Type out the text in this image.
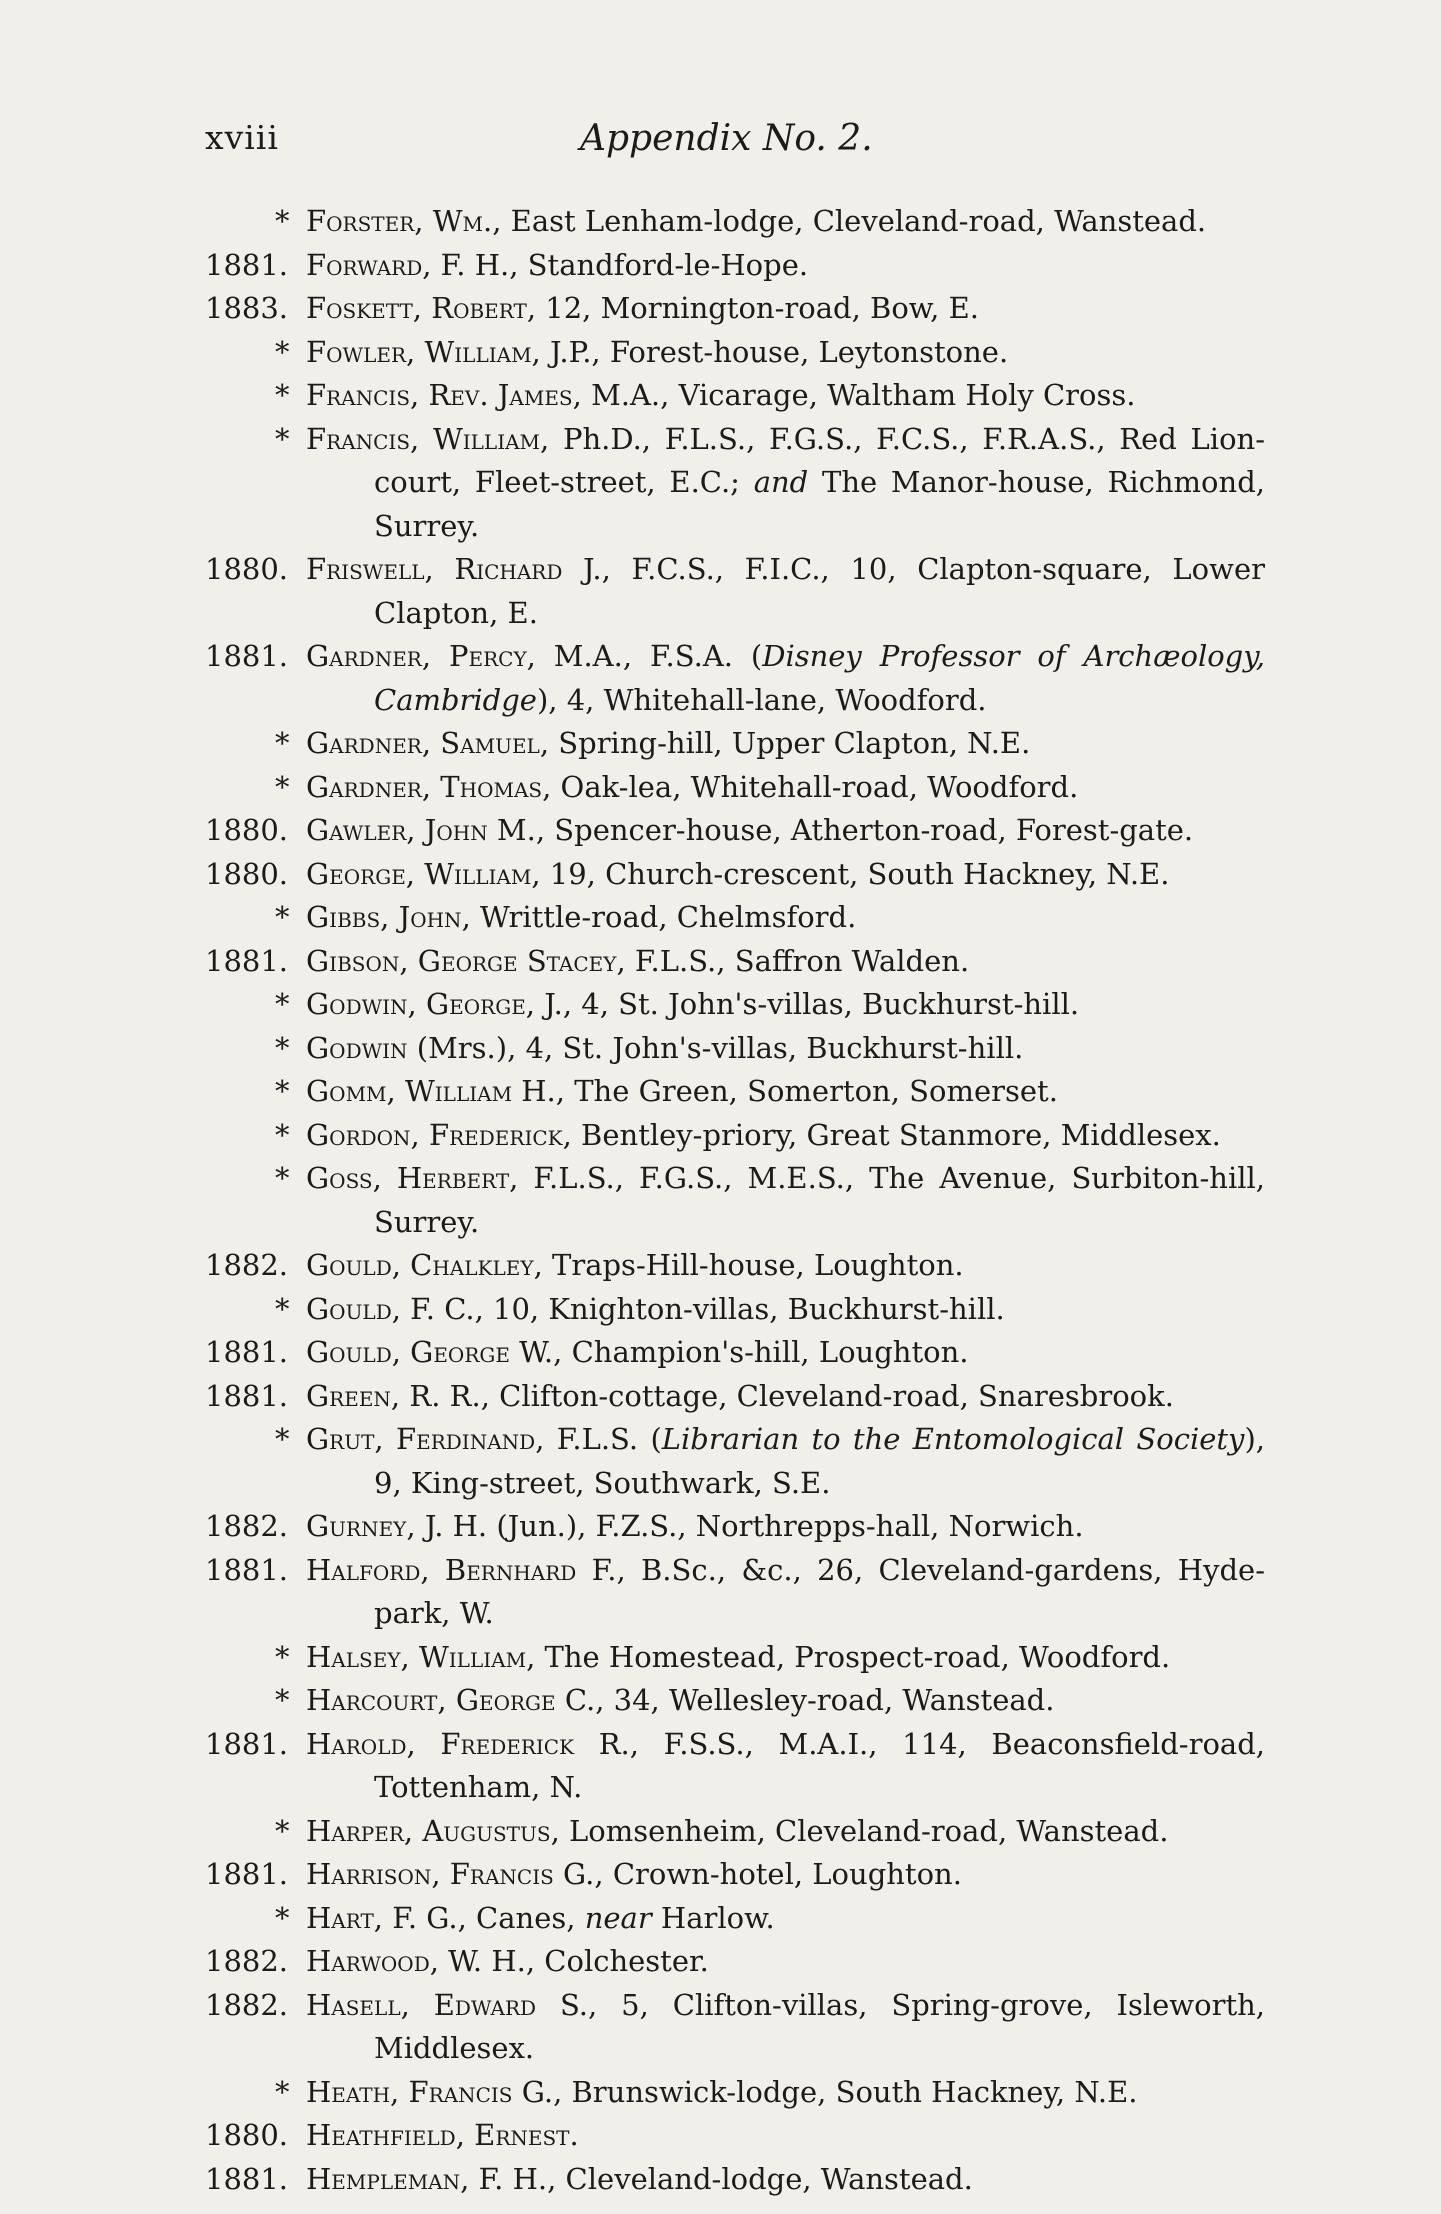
xviii	Appendix No. 2.
* Forster, Wm., East Lenham-lodge, Cleveland-road, Wanstead.
1881. Forward, F. H., Standford-le-Hope.
1883. Foskett, Robert, 12, Mornington-road, Bow, E.
* Fowler, William, J.P., Forest-house, Leytonstone.
* Francis, Rev. James, M.A., Vicarage, Waltham Holy Cross.
* Francis, William, Ph.D., F.L.S., F.G.S., F.C.S., F.R.A.S., Red Lion-court, Fleet-street, E.C.; and The Manor-house, Richmond, Surrey.
1880. Friswell, Richard J., F.C.S., F.I.C., 10, Clapton-square, Lower Clapton, E.
1881. Gardner, Percy, M.A., F.S.A. (Disney Professor of Archæology, Cambridge), 4, Whitehall-lane, Woodford.
* Gardner, Samuel, Spring-hill, Upper Clapton, N.E.
* Gardner, Thomas, Oak-lea, Whitehall-road, Woodford.
1880. Gawler, John M., Spencer-house, Atherton-road, Forest-gate.
1880. George, William, 19, Church-crescent, South Hackney, N.E.
* Gibbs, John, Writtle-road, Chelmsford.
1881. Gibson, George Stacey, F.L.S., Saffron Walden.
* Godwin, George, J., 4, St. John's-villas, Buckhurst-hill.
* Godwin (Mrs.), 4, St. John's-villas, Buckhurst-hill.
* Gomm, William H., The Green, Somerton, Somerset.
* Gordon, Frederick, Bentley-priory, Great Stanmore, Middlesex.
* Goss, Herbert, F.L.S., F.G.S., M.E.S., The Avenue, Surbiton-hill, Surrey.
1882. Gould, Chalkley, Traps-Hill-house, Loughton.
* Gould, F. C., 10, Knighton-villas, Buckhurst-hill.
1881. Gould, George W., Champion's-hill, Loughton.
1881. Green, R. R., Clifton-cottage, Cleveland-road, Snaresbrook.
* Grut, Ferdinand, F.L.S. (Librarian to the Entomological Society), 9, King-street, Southwark, S.E.
1882. Gurney, J. H. (Jun.), F.Z.S., Northrepps-hall, Norwich.
1881. Halford, Bernhard F., B.Sc., &c., 26, Cleveland-gardens, Hyde-park, W.
* Halsey, William, The Homestead, Prospect-road, Woodford.
* Harcourt, George C., 34, Wellesley-road, Wanstead.
1881. Harold, Frederick R., F.S.S., M.A.I., 114, Beaconsfield-road, Tottenham, N.
* Harper, Augustus, Lomsenheim, Cleveland-road, Wanstead.
1881. Harrison, Francis G., Crown-hotel, Loughton.
* Hart, F. G., Canes, near Harlow.
1882. Harwood, W. H., Colchester.
1882. Hasell, Edward S., 5, Clifton-villas, Spring-grove, Isleworth, Middlesex.
* Heath, Francis G., Brunswick-lodge, South Hackney, N.E.
1880. Heathfield, Ernest.
1881. Hempleman, F. H., Cleveland-lodge, Wanstead.
